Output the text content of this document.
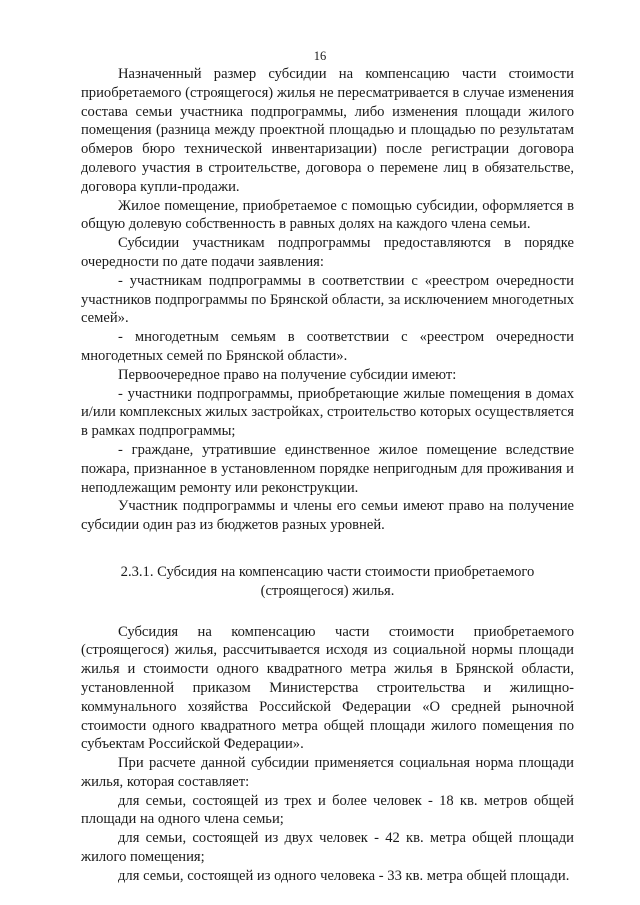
16

Назначенный размер субсидии на компенсацию части стоимости приобретаемого (строящегося) жилья не пересматривается в случае изменения состава семьи участника подпрограммы, либо изменения площади жилого помещения (разница между проектной площадью и площадью по результатам обмеров бюро технической инвентаризации) после регистрации договора долевого участия в строительстве, договора о перемене лиц в обязательстве, договора купли-продажи.

Жилое помещение, приобретаемое с помощью субсидии, оформляется в общую долевую собственность в равных долях на каждого члена семьи.

Субсидии участникам подпрограммы предоставляются в порядке очередности по дате подачи заявления:

- участникам подпрограммы в соответствии с «реестром очередности участников подпрограммы по Брянской области, за исключением многодетных семей».

- многодетным семьям в соответствии с «реестром очередности многодетных семей по Брянской области».

Первоочередное право на получение субсидии имеют:

- участники подпрограммы, приобретающие жилые помещения в домах и/или комплексных жилых застройках, строительство которых осуществляется в рамках подпрограммы;

- граждане, утратившие единственное жилое помещение вследствие пожара, признанное в установленном порядке непригодным для проживания и неподлежащим ремонту или реконструкции.

Участник подпрограммы и члены его семьи имеют право на получение субсидии один раз из бюджетов разных уровней.

2.3.1. Субсидия на компенсацию части стоимости приобретаемого
(строящегося) жилья.

Субсидия на компенсацию части стоимости приобретаемого (строящегося) жилья, рассчитывается исходя из социальной нормы площади жилья и стоимости одного квадратного метра жилья в Брянской области, установленной приказом Министерства строительства и жилищно-коммунального хозяйства Российской Федерации «О средней рыночной стоимости одного квадратного метра общей площади жилого помещения по субъектам Российской Федерации».

При расчете данной субсидии применяется социальная норма площади жилья, которая составляет:

для семьи, состоящей из трех и более человек - 18 кв. метров общей площади на одного члена семьи;

для семьи, состоящей из двух человек - 42 кв. метра общей площади жилого помещения;

для семьи, состоящей из одного человека - 33 кв. метра общей площади.
